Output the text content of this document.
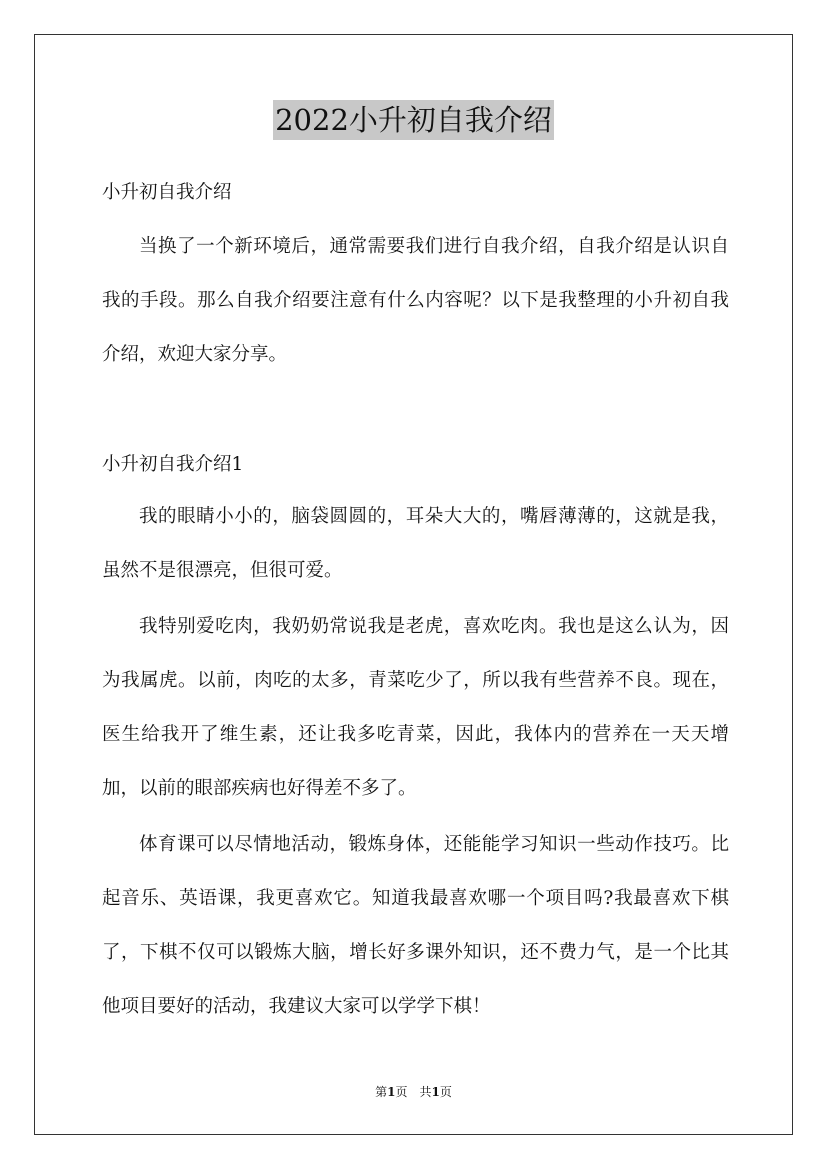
2022小升初自我介绍
小升初自我介绍

当换了一个新环境后，通常需要我们进行自我介绍，自我介绍是认识自我的手段。那么自我介绍要注意有什么内容呢？以下是我整理的小升初自我介绍，欢迎大家分享。

小升初自我介绍1

我的眼睛小小的，脑袋圆圆的，耳朵大大的，嘴唇薄薄的，这就是我，虽然不是很漂亮，但很可爱。

我特别爱吃肉，我奶奶常说我是老虎，喜欢吃肉。我也是这么认为，因为我属虎。以前，肉吃的太多，青菜吃少了，所以我有些营养不良。现在，医生给我开了维生素，还让我多吃青菜，因此，我体内的营养在一天天增加，以前的眼部疾病也好得差不多了。

体育课可以尽情地活动，锻炼身体，还能能学习知识一些动作技巧。比起音乐、英语课，我更喜欢它。知道我最喜欢哪一个项目吗?我最喜欢下棋了，下棋不仅可以锻炼大脑，增长好多课外知识，还不费力气，是一个比其他项目要好的活动，我建议大家可以学学下棋！

第1页　共1页
